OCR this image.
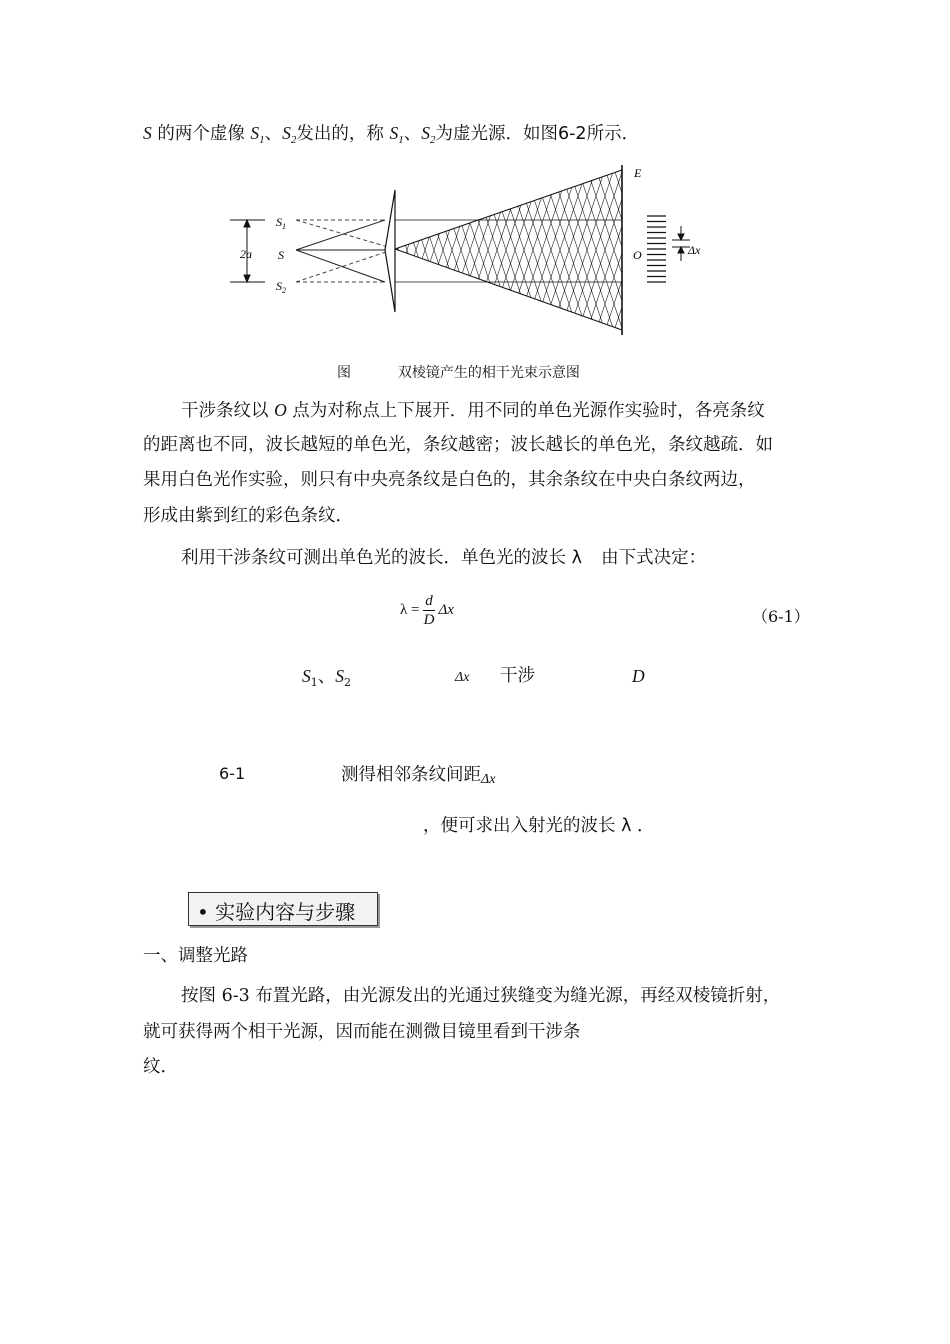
S 的两个虚像 $S_1$、$S_2$发出的，称 $S_1$、$S_2$为虚光源．如图6-2所示．
E
$S_1$
S
$S_2$
2a	O	Δx
图	双棱镜产生的相干光束示意图
干涉条纹以 O 点为对称点上下展开．用不同的单色光源作实验时，各亮条纹
的距离也不同，波长越短的单色光，条纹越密；波长越长的单色光，条纹越疏．如
果用白色光作实验，则只有中央亮条纹是白色的，其余条纹在中央白条纹两边，
形成由紫到红的彩色条纹．
利用干涉条纹可测出单色光的波长．单色光的波长 λ 由下式决定：
$\lambda = \frac{d}{D}$ Δx	（6-1）
$S_1$、$S_2$	Δx 干涉	D
6-1	测得相邻条纹间距Δx
，便可求出入射光的波长 λ ．
• 实验内容与步骤
一、调整光路
按图 6-3 布置光路，由光源发出的光通过狭缝变为缝光源，再经双棱镜折射，
就可获得两个相干光源，因而能在测微目镜里看到干涉条
纹．
